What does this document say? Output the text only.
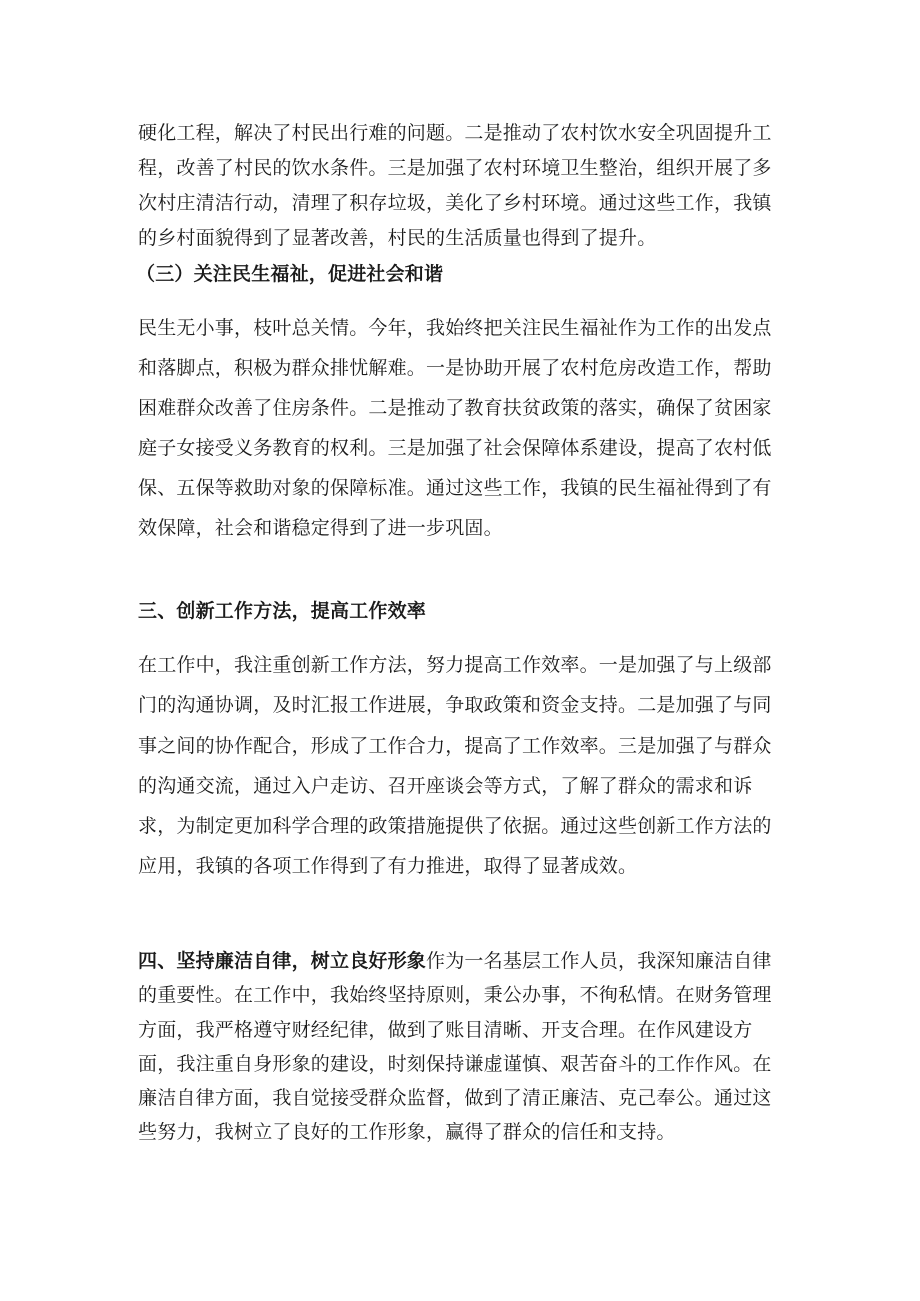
硬化工程，解决了村民出行难的问题。二是推动了农村饮水安全巩固提升工程，改善了村民的饮水条件。三是加强了农村环境卫生整治，组织开展了多次村庄清洁行动，清理了积存垃圾，美化了乡村环境。通过这些工作，我镇的乡村面貌得到了显著改善，村民的生活质量也得到了提升。

（三）关注民生福祉，促进社会和谐

民生无小事，枝叶总关情。今年，我始终把关注民生福祉作为工作的出发点和落脚点，积极为群众排忧解难。一是协助开展了农村危房改造工作，帮助困难群众改善了住房条件。二是推动了教育扶贫政策的落实，确保了贫困家庭子女接受义务教育的权利。三是加强了社会保障体系建设，提高了农村低保、五保等救助对象的保障标准。通过这些工作，我镇的民生福祉得到了有效保障，社会和谐稳定得到了进一步巩固。

三、创新工作方法，提高工作效率

在工作中，我注重创新工作方法，努力提高工作效率。一是加强了与上级部门的沟通协调，及时汇报工作进展，争取政策和资金支持。二是加强了与同事之间的协作配合，形成了工作合力，提高了工作效率。三是加强了与群众的沟通交流，通过入户走访、召开座谈会等方式，了解了群众的需求和诉求，为制定更加科学合理的政策措施提供了依据。通过这些创新工作方法的应用，我镇的各项工作得到了有力推进，取得了显著成效。

四、坚持廉洁自律，树立良好形象作为一名基层工作人员，我深知廉洁自律的重要性。在工作中，我始终坚持原则，秉公办事，不徇私情。在财务管理方面，我严格遵守财经纪律，做到了账目清晰、开支合理。在作风建设方面，我注重自身形象的建设，时刻保持谦虚谨慎、艰苦奋斗的工作作风。在廉洁自律方面，我自觉接受群众监督，做到了清正廉洁、克己奉公。通过这些努力，我树立了良好的工作形象，赢得了群众的信任和支持。
